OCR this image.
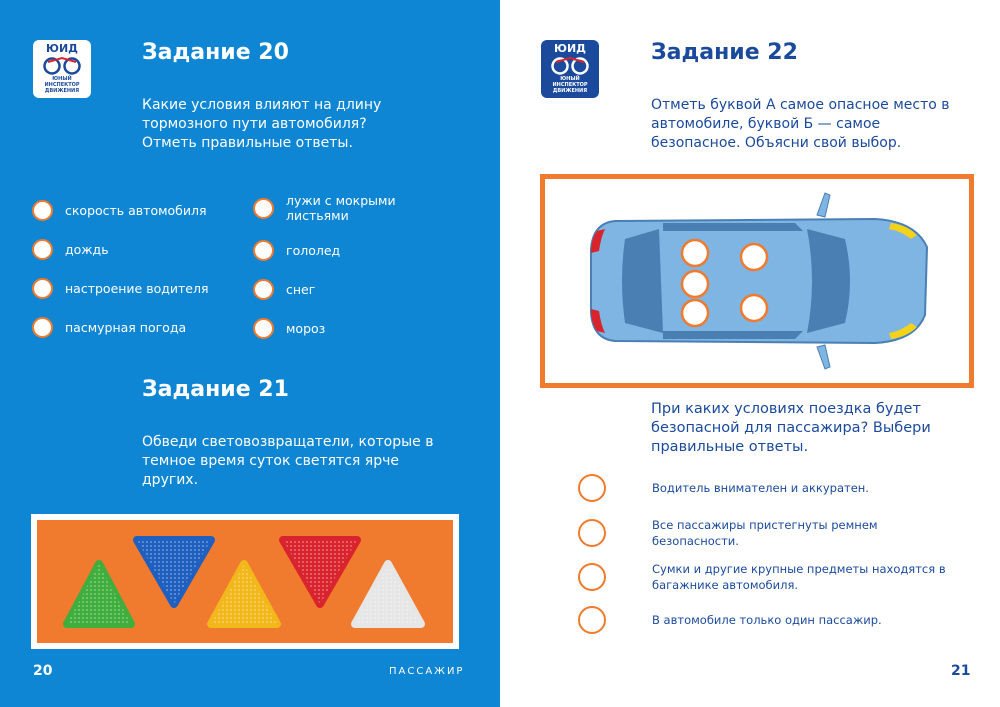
ЮИД
ЮНЫЙ ИНСПЕКТОР ДВИЖЕНИЯ
Задание 20
Какие условия влияют на длину тормозного пути автомобиля? Отметь правильные ответы.
скорость автомобиля
дождь
настроение водителя
пасмурная погода
лужи с мокрыми листьями
гололед
снег
мороз
Задание 21
Обведи световозвращатели, которые в темное время суток светятся ярче других.
20	ПАССАЖИР
ЮИД
ЮНЫЙ ИНСПЕКТОР ДВИЖЕНИЯ
Задание 22
Отметь буквой А самое опасное место в автомобиле, буквой Б — самое безопасное. Объясни свой выбор.
При каких условиях поездка будет безопасной для пассажира? Выбери правильные ответы.
Водитель внимателен и аккуратен.
Все пассажиры пристегнуты ремнем безопасности.
Сумки и другие крупные предметы находятся в багажнике автомобиля.
В автомобиле только один пассажир.
21
